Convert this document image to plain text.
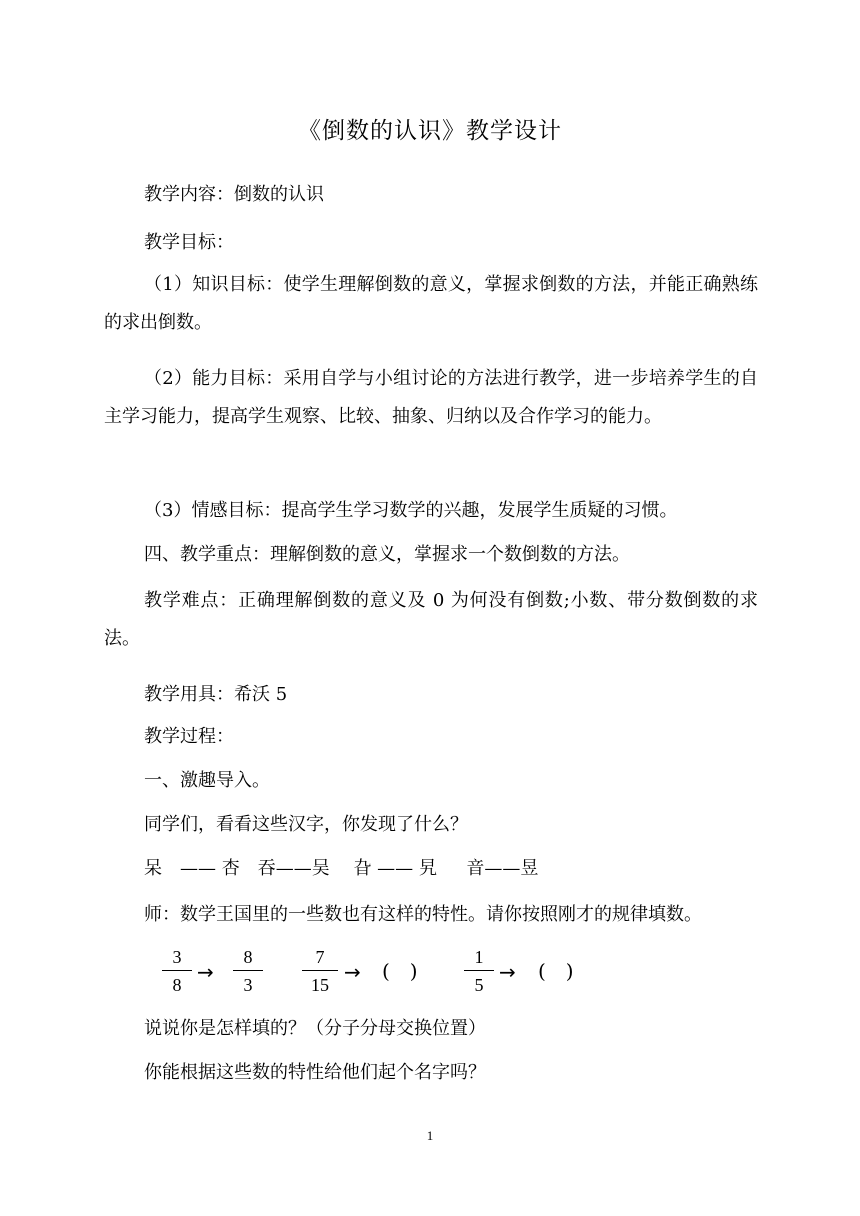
《倒数的认识》教学设计

教学内容：倒数的认识

教学目标：

（1）知识目标：使学生理解倒数的意义，掌握求倒数的方法，并能正确熟练的求出倒数。

（2）能力目标：采用自学与小组讨论的方法进行教学，进一步培养学生的自主学习能力，提高学生观察、比较、抽象、归纳以及合作学习的能力。

（3）情感目标：提高学生学习数学的兴趣，发展学生质疑的习惯。

四、教学重点：理解倒数的意义，掌握求一个数倒数的方法。

教学难点：正确理解倒数的意义及 0 为何没有倒数;小数、带分数倒数的求法。

教学用具：希沃 5

教学过程：

一、激趣导入。

同学们，看看这些汉字，你发现了什么？

呆　—— 杏　吞——吴　 旮 —— 旯 　 音——昱

师：数学王国里的一些数也有这样的特性。请你按照刚才的规律填数。

3
8
→
8
3
7
15
→ (　)
1
5
→ (　)

说说你是怎样填的？（分子分母交换位置）

你能根据这些数的特性给他们起个名字吗？

1
